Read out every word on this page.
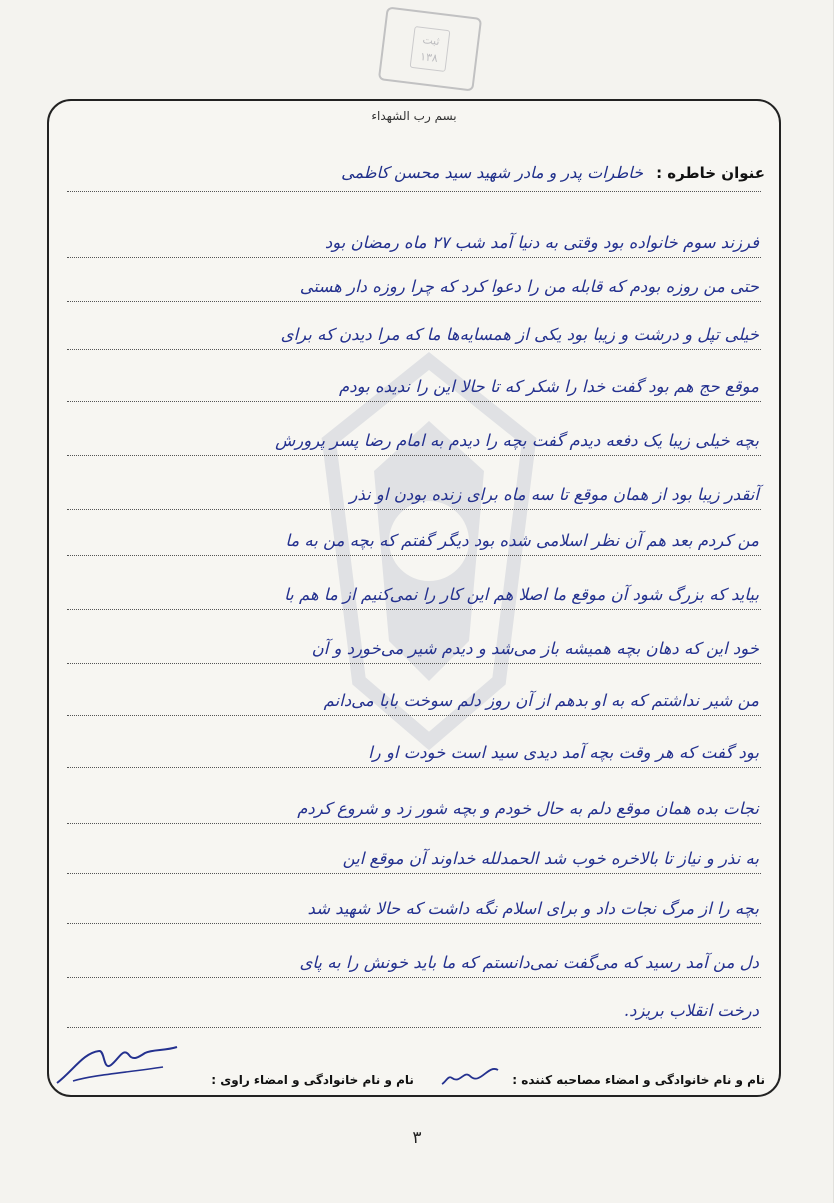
ثبت
۱۳۸
بسم رب الشهداء
عنوان خاطره : خاطرات پدر و مادر شهید سید محسن کاظمی
فرزند سوم خانواده بود وقتی به دنیا آمد شب ۲۷ ماه رمضان بود
حتی من روزه بودم که قابله من را دعوا کرد که چرا روزه دار هستی
خیلی تپل و درشت و زیبا بود یکی از همسایه‌ها ما که مرا دیدن که برای
موقع حج هم بود گفت خدا را شکر که تا حالا این را ندیده بودم
بچه خیلی زیبا یک دفعه دیدم گفت بچه را دیدم به امام رضا پسر پرورش
آنقدر زیبا بود از همان موقع تا سه ماه برای زنده بودن او نذر
من کردم بعد هم آن نظر اسلامی شده بود دیگر گفتم که بچه من به ما
بیاید که بزرگ شود آن موقع ما اصلا هم این کار را نمی‌کنیم از ما هم با
خود این که دهان بچه همیشه باز می‌شد و دیدم شیر می‌خورد و آن
من شیر نداشتم که به او بدهم از آن روز دلم سوخت بابا می‌دانم
بود گفت که هر وقت بچه آمد دیدی سید است خودت او را
نجات بده همان موقع دلم به حال خودم و بچه شور زد و شروع کردم
به نذر و نیاز تا بالاخره خوب شد الحمدلله خداوند آن موقع این
بچه را از مرگ نجات داد و برای اسلام نگه داشت که حالا شهید شد
دل من آمد رسید که می‌گفت نمی‌دانستم که ما باید خونش را به پای
درخت انقلاب بریزد.
نام و نام خانوادگی و امضاء مصاحبه کننده :  نام و نام خانوادگی و امضاء راوی :
۳
